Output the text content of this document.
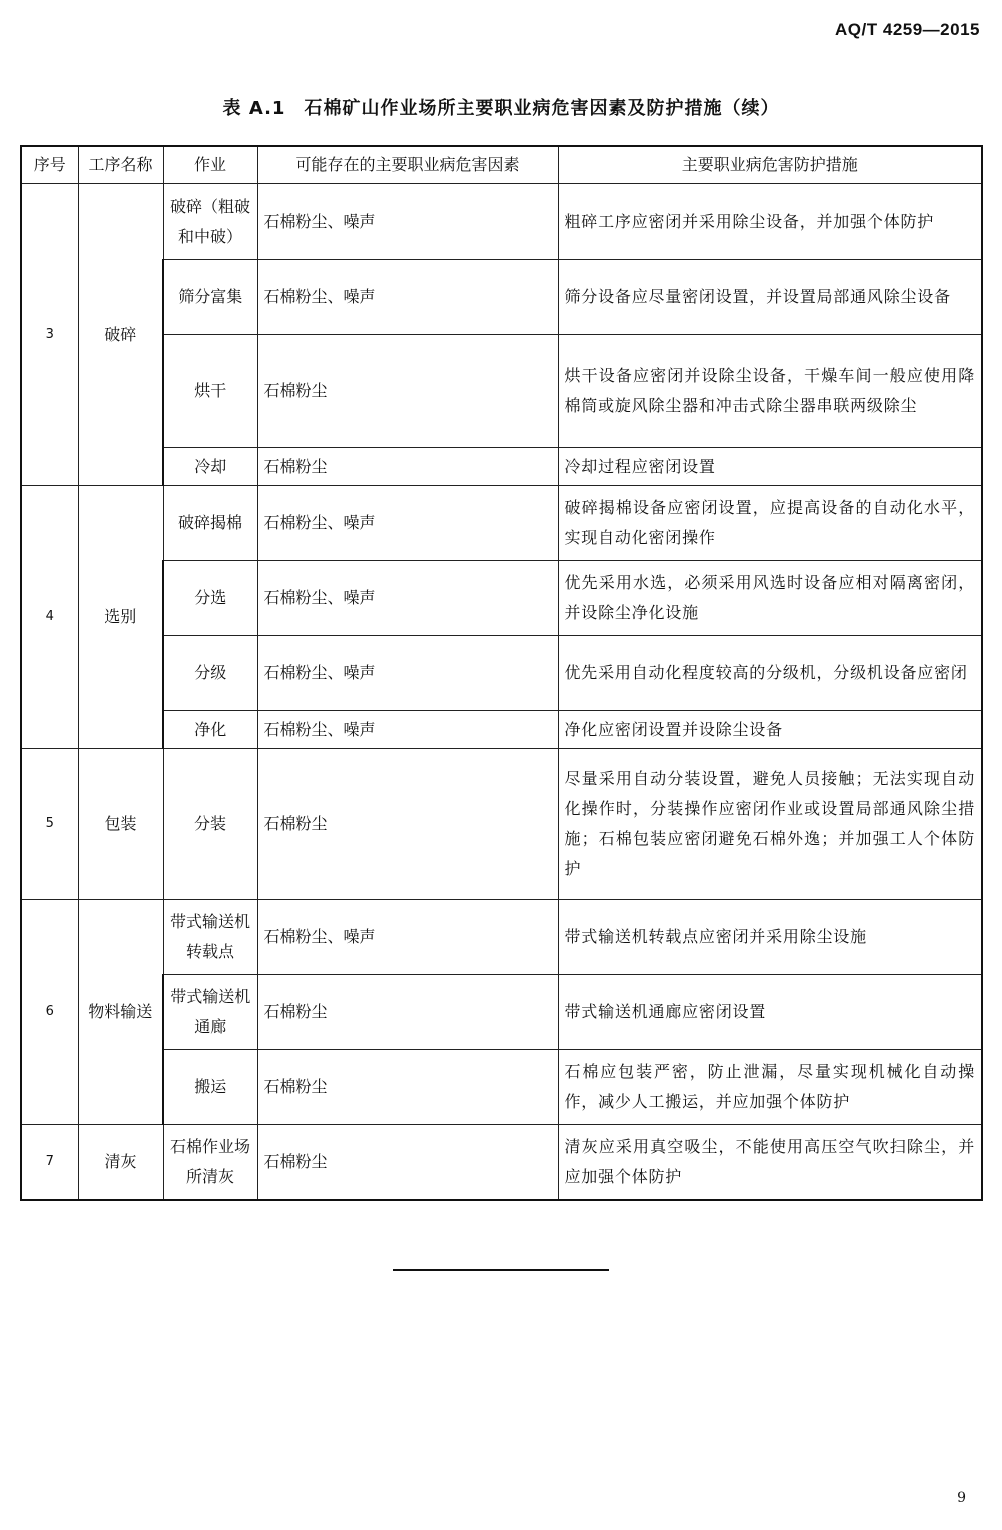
AQ/T 4259—2015
表 A.1　石棉矿山作业场所主要职业病危害因素及防护措施（续）
序号	工序名称	作业	可能存在的主要职业病危害因素	主要职业病危害防护措施
3	破碎	破碎（粗破和中破）	石棉粉尘、噪声	粗碎工序应密闭并采用除尘设备，并加强个体防护
		筛分富集	石棉粉尘、噪声	筛分设备应尽量密闭设置，并设置局部通风除尘设备
		烘干	石棉粉尘	烘干设备应密闭并设除尘设备，干燥车间一般应使用降棉筒或旋风除尘器和冲击式除尘器串联两级除尘
		冷却	石棉粉尘	冷却过程应密闭设置
4	选别	破碎揭棉	石棉粉尘、噪声	破碎揭棉设备应密闭设置，应提高设备的自动化水平，实现自动化密闭操作
		分选	石棉粉尘、噪声	优先采用水选，必须采用风选时设备应相对隔离密闭，并设除尘净化设施
		分级	石棉粉尘、噪声	优先采用自动化程度较高的分级机，分级机设备应密闭
		净化	石棉粉尘、噪声	净化应密闭设置并设除尘设备
5	包装	分装	石棉粉尘	尽量采用自动分装设置，避免人员接触；无法实现自动化操作时，分装操作应密闭作业或设置局部通风除尘措施；石棉包装应密闭避免石棉外逸；并加强工人个体防护
6	物料输送	带式输送机转载点	石棉粉尘、噪声	带式输送机转载点应密闭并采用除尘设施
		带式输送机通廊	石棉粉尘	带式输送机通廊应密闭设置
		搬运	石棉粉尘	石棉应包装严密，防止泄漏，尽量实现机械化自动操作，减少人工搬运，并应加强个体防护
7	清灰	石棉作业场所清灰	石棉粉尘	清灰应采用真空吸尘，不能使用高压空气吹扫除尘，并应加强个体防护
9
